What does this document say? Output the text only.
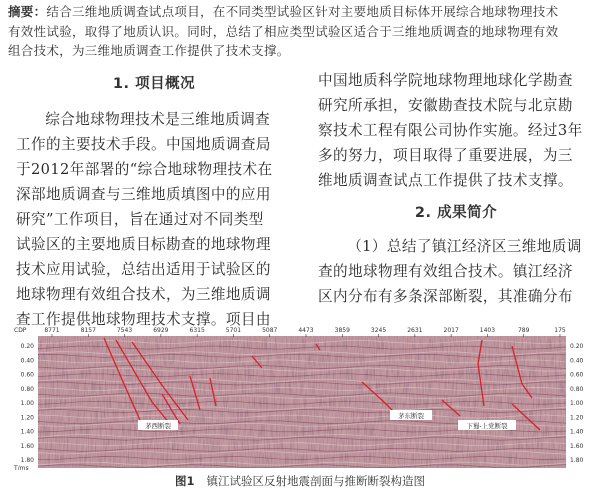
摘要：结合三维地质调查试点项目，在不同类型试验区针对主要地质目标体开展综合地球物理技术
有效性试验，取得了地质认识。同时，总结了相应类型试验区适合于三维地质调查的地球物理有效
组合技术，为三维地质调查工作提供了技术支撑。
1. 项目概况
综合地球物理技术是三维地质调查
工作的主要技术手段。中国地质调查局
于2012年部署的“综合地球物理技术在
深部地质调查与三维地质填图中的应用
研究”工作项目，旨在通过对不同类型
试验区的主要地质目标勘查的地球物理
技术应用试验，总结出适用于试验区的
地球物理有效组合技术，为三维地质调
查工作提供地球物理技术支撑。项目由
中国地质科学院地球物理地球化学勘查
研究所承担，安徽勘查技术院与北京勘
察技术工程有限公司协作实施。经过3年
多的努力，项目取得了重要进展，为三
维地质调查试点工作提供了技术支撑。
2. 成果简介
（1）总结了镇江经济区三维地质调
查的地球物理有效组合技术。镇江经济
区内分布有多条深部断裂，其准确分布
CDP
T/ms
8771	8157	7543	6929	6315	5701	5087	4473	3859	3245	2631	2017	1403	789	175
0.20
0.40
0.60
0.80
1.00
1.20
1.40
1.60
1.80
0.20
0.40
0.60
0.80
1.00
1.20
1.40
1.60
1.80
茅西断裂
茅东断裂
下蜀-上党断裂
图1 镇江试验区反射地震剖面与推断断裂构造图
